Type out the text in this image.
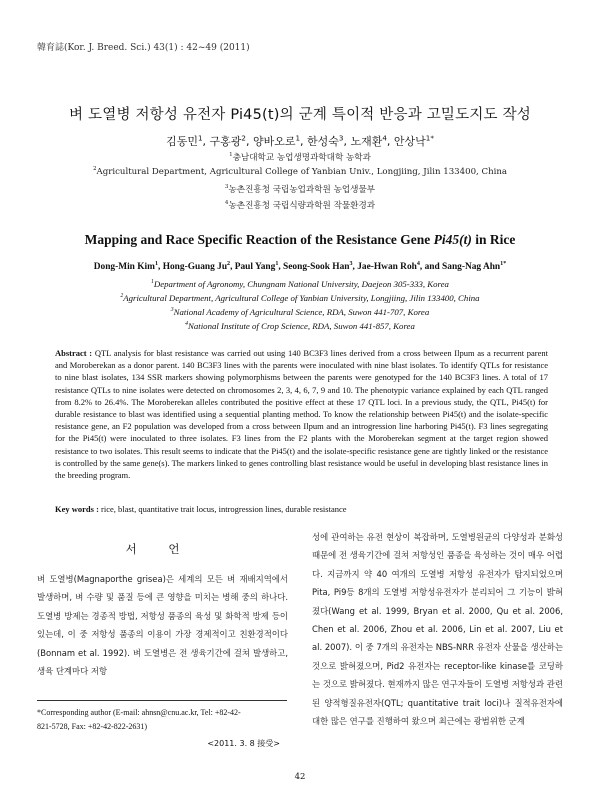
韓育誌(Kor. J. Breed. Sci.) 43(1) : 42~49 (2011)
벼 도열병 저항성 유전자 Pi45(t)의 군계 특이적 반응과 고밀도지도 작성
김동민$^1$, 구홍광$^2$, 양바오로$^1$, 한성숙$^3$, 노재환$^4$, 안상낙$^{1*}$
$^1$충남대학교 농업생명과학대학 농학과
$^2$Agricultural Department, Agricultural College of Yanbian Univ., Longjiing, Jilin 133400, China
$^3$농촌진흥청 국립농업과학원 농업생물부
$^4$농촌진흥청 국립식량과학원 작물환경과
Mapping and Race Specific Reaction of the Resistance Gene Pi45(t) in Rice
Dong-Min Kim$^1$, Hong-Guang Ju$^2$, Paul Yang$^1$, Seong-Sook Han$^3$, Jae-Hwan Roh$^4$, and Sang-Nag Ahn$^{1*}$
$^1$Department of Agronomy, Chungnam National University, Daejeon 305-333, Korea
$^2$Agricultural Department, Agricultural College of Yanbian University, Longjiing, Jilin 133400, China
$^3$National Academy of Agricultural Science, RDA, Suwon 441-707, Korea
$^4$National Institute of Crop Science, RDA, Suwon 441-857, Korea
Abstract : QTL analysis for blast resistance was carried out using 140 BC3F3 lines derived from a cross between Ilpum as a recurrent parent and Moroberekan as a donor parent. 140 BC3F3 lines with the parents were inoculated with nine blast isolates. To identify QTLs for resistance to nine blast isolates, 134 SSR markers showing polymorphisms between the parents were genotyped for the 140 BC3F3 lines. A total of 17 resistance QTLs to nine isolates were detected on chromosomes 2, 3, 4, 6, 7, 9 and 10. The phenotypic variance explained by each QTL ranged from 8.2% to 26.4%. The Moroberekan alleles contributed the positive effect at these 17 QTL loci. In a previous study, the QTL, Pi45(t) for durable resistance to blast was identified using a sequential planting method. To know the relationship between Pi45(t) and the isolate-specific resistance gene, an F2 population was developed from a cross between Ilpum and an introgression line harboring Pi45(t). F3 lines segregating for the Pi45(t) were inoculated to three isolates. F3 lines from the F2 plants with the Moroberekan segment at the target region showed resistance to two isolates. This result seems to indicate that the Pi45(t) and the isolate-specific resistance gene are tightly linked or the resistance is controlled by the same gene(s). The markers linked to genes controlling blast resistance would be useful in developing blast resistance lines in the breeding program.
Key words : rice, blast, quantitative trait locus, introgression lines, durable resistance
서 언
벼 도열병(Magnaporthe grisea)은 세계의 모든 벼 재배지역에서 발생하며, 벼 수량 및 품질 등에 큰 영향을 미치는 병해 중의 하나다. 도열병 방제는 경종적 방법, 저항성 품종의 육성 및 화학적 방제 등이 있는데, 이 중 저항성 품종의 이용이 가장 경제적이고 친환경적이다(Bonnam et al. 1992). 벼 도열병은 전 생육기간에 걸쳐 발생하고, 생육 단계마다 저항
성에 관여하는 유전 현상이 복잡하며, 도열병원균의 다양성과 분화성 때문에 전 생육기간에 걸쳐 저항성인 품종을 육성하는 것이 매우 어렵다. 지금까지 약 40 여개의 도열병 저항성 유전자가 탐지되었으며 Pita, Pi9등 8개의 도열병 저항성유전자가 분리되어 그 기능이 밝혀졌다(Wang et al. 1999, Bryan et al. 2000, Qu et al. 2006, Chen et al. 2006, Zhou et al. 2006, Lin et al. 2007, Liu et al. 2007). 이 중 7개의 유전자는 NBS-NRR 유전자 산물을 생산하는 것으로 밝혀졌으며, Pid2 유전자는 receptor-like kinase를 코딩하는 것으로 밝혀졌다. 현재까지 많은 연구자들이 도열병 저항성과 관련된 양적형질유전자(QTL; quantitative trait loci)나 질적유전자에 대한 많은 연구를 진행하여 왔으며 최근에는 광범위한 군계
*Corresponding author (E-mail: ahnsn@cnu.ac.kr, Tel: +82-42-
821-5728, Fax: +82-42-822-2631)
<2011. 3. 8 接受>
42
